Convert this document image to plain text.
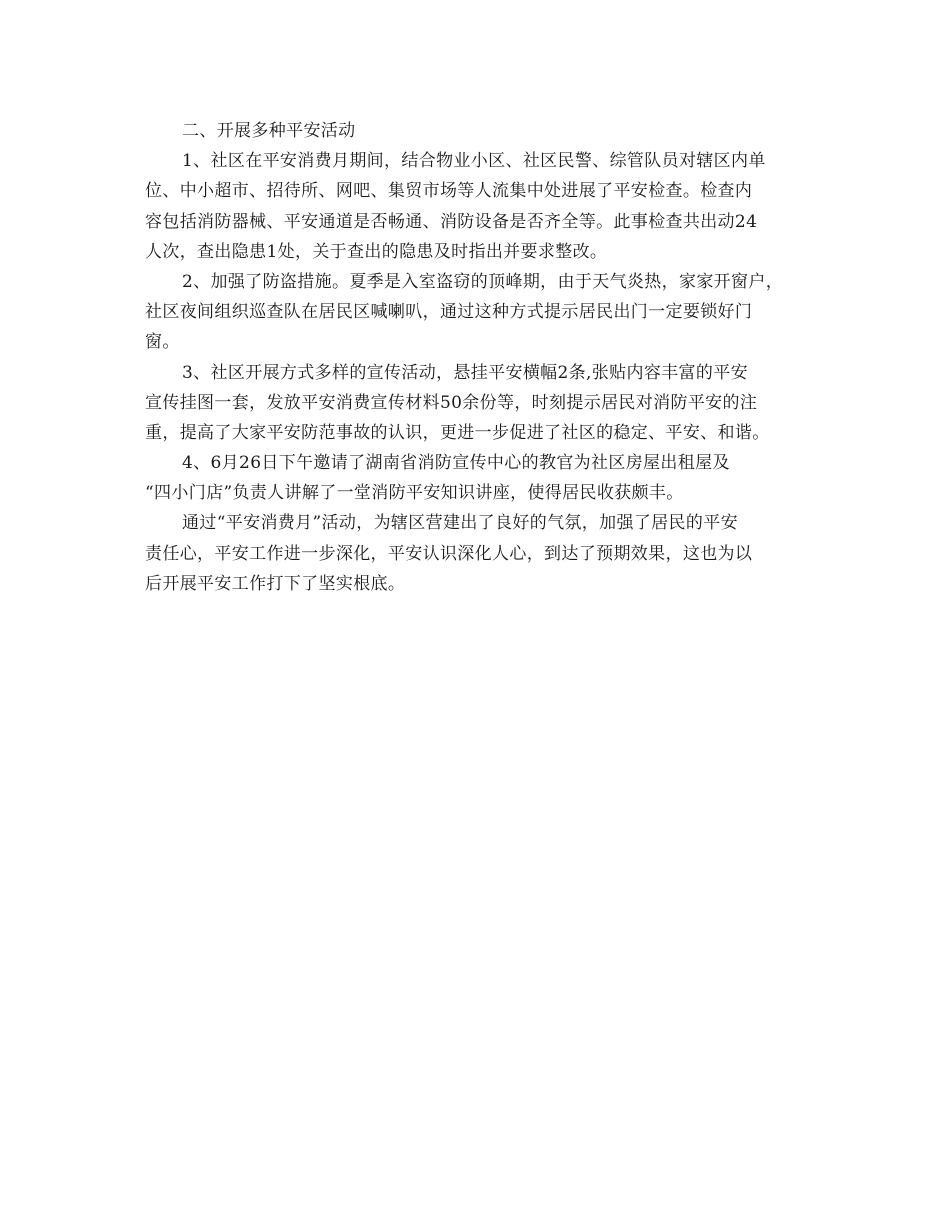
二、开展多种平安活动
1、社区在平安消费月期间，结合物业小区、社区民警、综管队员对辖区内单
位、中小超市、招待所、网吧、集贸市场等人流集中处进展了平安检查。检查内
容包括消防器械、平安通道是否畅通、消防设备是否齐全等。此事检查共出动24
人次，查出隐患1处，关于查出的隐患及时指出并要求整改。
2、加强了防盗措施。夏季是入室盗窃的顶峰期，由于天气炎热，家家开窗户，
社区夜间组织巡查队在居民区喊喇叭，通过这种方式提示居民出门一定要锁好门
窗。
3、社区开展方式多样的宣传活动，悬挂平安横幅2条,张贴内容丰富的平安
宣传挂图一套，发放平安消费宣传材料50余份等，时刻提示居民对消防平安的注
重，提高了大家平安防范事故的认识，更进一步促进了社区的稳定、平安、和谐。
4、6月26日下午邀请了湖南省消防宣传中心的教官为社区房屋出租屋及
“四小门店”负责人讲解了一堂消防平安知识讲座，使得居民收获颇丰。
通过“平安消费月”活动，为辖区营建出了良好的气氛，加强了居民的平安
责任心，平安工作进一步深化，平安认识深化人心，到达了预期效果，这也为以
后开展平安工作打下了坚实根底。
